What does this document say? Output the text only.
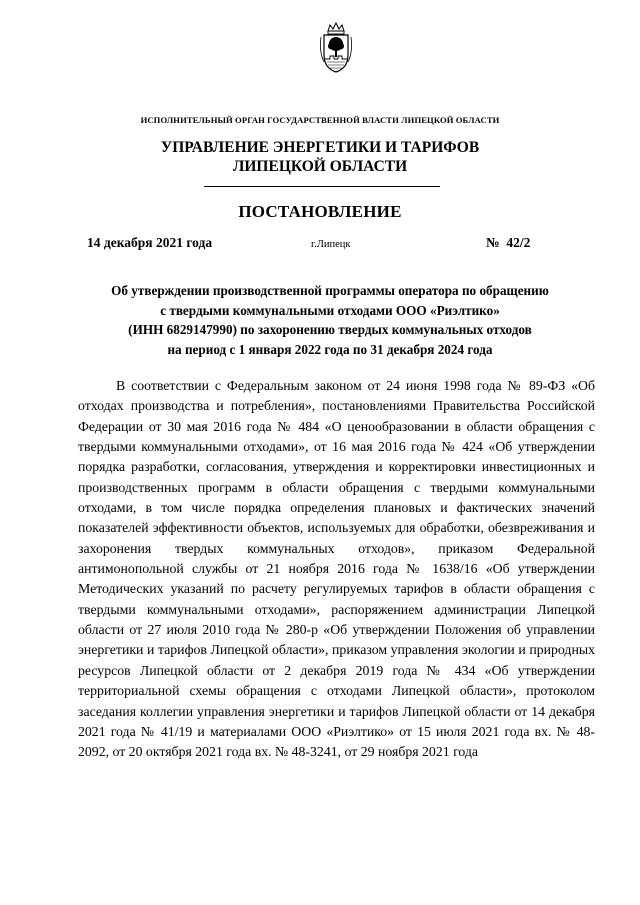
ИСПОЛНИТЕЛЬНЫЙ ОРГАН ГОСУДАРСТВЕННОЙ ВЛАСТИ ЛИПЕЦКОЙ ОБЛАСТИ
УПРАВЛЕНИЕ ЭНЕРГЕТИКИ И ТАРИФОВ
ЛИПЕЦКОЙ ОБЛАСТИ
ПОСТАНОВЛЕНИЕ
14 декабря 2021 года	г.Липецк	№  42/2
Об утверждении производственной программы оператора по обращению
с твердыми коммунальными отходами ООО «Риэлтико»
(ИНН 6829147990) по захоронению твердых коммунальных отходов
на период с 1 января 2022 года по 31 декабря 2024 года
В соответствии с Федеральным законом от 24 июня 1998 года № 89-ФЗ «Об отходах производства и потребления», постановлениями Правительства Российской Федерации от 30 мая 2016 года № 484 «О ценообразовании в области обращения с твердыми коммунальными отходами», от 16 мая 2016 года № 424 «Об утверждении порядка разработки, согласования, утверждения и корректировки инвестиционных и производственных программ в области обращения с твердыми коммунальными отходами, в том числе порядка определения плановых и фактических значений показателей эффективности объектов, используемых для обработки, обезвреживания и захоронения твердых коммунальных отходов», приказом Федеральной антимонопольной службы от 21 ноября 2016 года № 1638/16 «Об утверждении Методических указаний по расчету регулируемых тарифов в области обращения с твердыми коммунальными отходами», распоряжением администрации Липецкой области от 27 июля 2010 года № 280-р «Об утверждении Положения об управлении энергетики и тарифов Липецкой области», приказом управления экологии и природных ресурсов Липецкой области от 2 декабря 2019 года № 434 «Об утверждении территориальной схемы обращения с отходами Липецкой области», протоколом заседания коллегии управления энергетики и тарифов Липецкой области от 14 декабря 2021 года № 41/19 и материалами ООО «Риэлтико» от 15 июля 2021 года вх. № 48-2092, от 20 октября 2021 года вх. № 48-3241, от 29 ноября 2021 года
